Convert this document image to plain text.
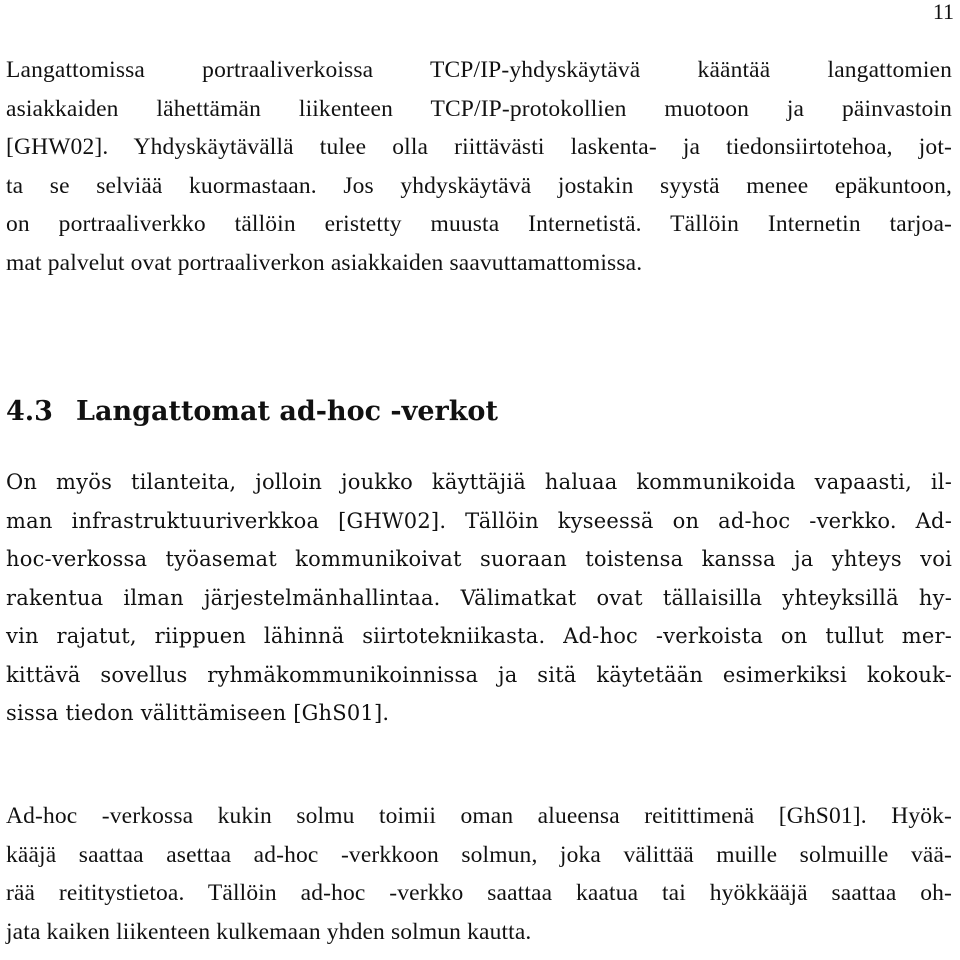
11
Langattomissa portraaliverkoissa TCP/IP-yhdyskäytävä kääntää langattomien
asiakkaiden lähettämän liikenteen TCP/IP-protokollien muotoon ja päinvastoin
[GHW02]. Yhdyskäytävällä tulee olla riittävästi laskenta- ja tiedonsiirtotehoa, jot-
ta se selviää kuormastaan. Jos yhdyskäytävä jostakin syystä menee epäkuntoon,
on portraaliverkko tällöin eristetty muusta Internetistä. Tällöin Internetin tarjoa-
mat palvelut ovat portraaliverkon asiakkaiden saavuttamattomissa.
4.3 Langattomat ad-hoc -verkot
On myös tilanteita, jolloin joukko käyttäjiä haluaa kommunikoida vapaasti, il-
man infrastruktuuriverkkoa [GHW02]. Tällöin kyseessä on ad-hoc -verkko. Ad-
hoc-verkossa työasemat kommunikoivat suoraan toistensa kanssa ja yhteys voi
rakentua ilman järjestelmänhallintaa. Välimatkat ovat tällaisilla yhteyksillä hy-
vin rajatut, riippuen lähinnä siirtotekniikasta. Ad-hoc -verkoista on tullut mer-
kittävä sovellus ryhmäkommunikoinnissa ja sitä käytetään esimerkiksi kokouk-
sissa tiedon välittämiseen [GhS01].
Ad-hoc -verkossa kukin solmu toimii oman alueensa reitittimenä [GhS01]. Hyök-
kääjä saattaa asettaa ad-hoc -verkkoon solmun, joka välittää muille solmuille vää-
rää reititystietoa. Tällöin ad-hoc -verkko saattaa kaatua tai hyökkääjä saattaa oh-
jata kaiken liikenteen kulkemaan yhden solmun kautta.
